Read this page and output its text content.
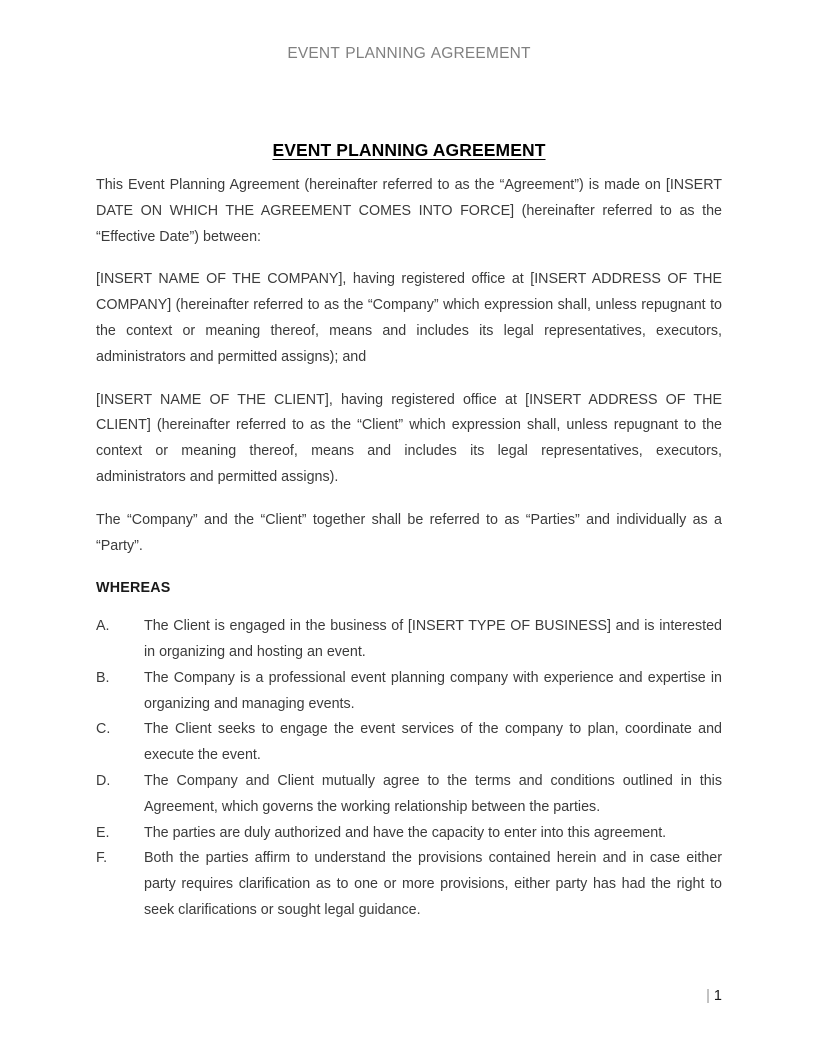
EVENT PLANNING AGREEMENT
EVENT PLANNING AGREEMENT

This Event Planning Agreement (hereinafter referred to as the “Agreement”) is made on [INSERT DATE ON WHICH THE AGREEMENT COMES INTO FORCE] (hereinafter referred to as the “Effective Date”) between:

[INSERT NAME OF THE COMPANY], having registered office at [INSERT ADDRESS OF THE COMPANY] (hereinafter referred to as the “Company” which expression shall, unless repugnant to the context or meaning thereof, means and includes its legal representatives, executors, administrators and permitted assigns); and

[INSERT NAME OF THE CLIENT], having registered office at [INSERT ADDRESS OF THE CLIENT] (hereinafter referred to as the “Client” which expression shall, unless repugnant to the context or meaning thereof, means and includes its legal representatives, executors, administrators and permitted assigns).

The “Company” and the “Client” together shall be referred to as “Parties” and individually as a “Party”.

WHEREAS

A.	The Client is engaged in the business of [INSERT TYPE OF BUSINESS] and is interested in organizing and hosting an event.
B.	The Company is a professional event planning company with experience and expertise in organizing and managing events.
C.	The Client seeks to engage the event services of the company to plan, coordinate and execute the event.
D.	The Company and Client mutually agree to the terms and conditions outlined in this Agreement, which governs the working relationship between the parties.
E.	The parties are duly authorized and have the capacity to enter into this agreement.
F.	Both the parties affirm to understand the provisions contained herein and in case either party requires clarification as to one or more provisions, either party has had the right to seek clarifications or sought legal guidance.
| 1
